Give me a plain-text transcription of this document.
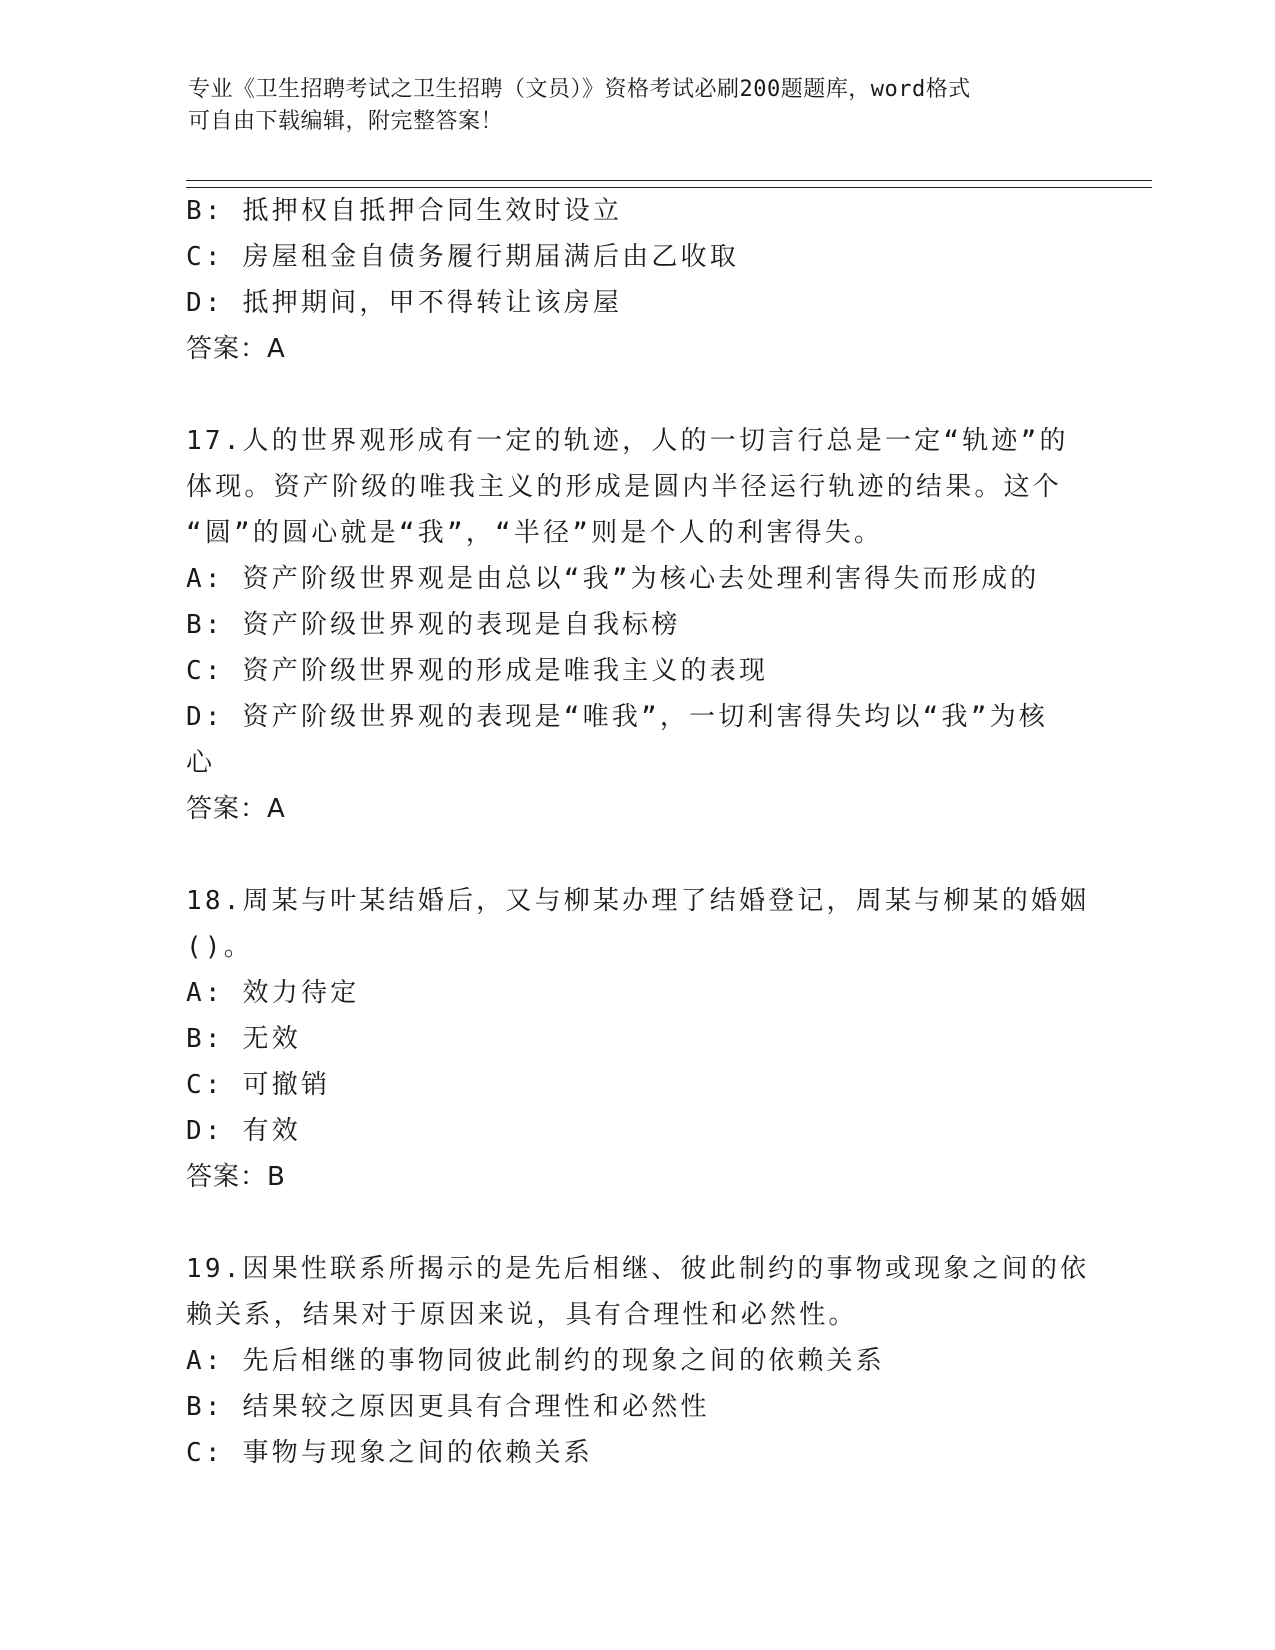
专业《卫生招聘考试之卫生招聘（文员）》资格考试必刷200题题库，word格式
可自由下载编辑，附完整答案！
B: 抵押权自抵押合同生效时设立
C: 房屋租金自债务履行期届满后由乙收取
D: 抵押期间，甲不得转让该房屋
答案：A
17.人的世界观形成有一定的轨迹，人的一切言行总是一定“轨迹”的
体现。资产阶级的唯我主义的形成是圆内半径运行轨迹的结果。这个
“圆”的圆心就是“我”，“半径”则是个人的利害得失。
A: 资产阶级世界观是由总以“我”为核心去处理利害得失而形成的
B: 资产阶级世界观的表现是自我标榜
C: 资产阶级世界观的形成是唯我主义的表现
D: 资产阶级世界观的表现是“唯我”，一切利害得失均以“我”为核
心
答案：A
18.周某与叶某结婚后，又与柳某办理了结婚登记，周某与柳某的婚姻
()。
A: 效力待定
B: 无效
C: 可撤销
D: 有效
答案：B
19.因果性联系所揭示的是先后相继、彼此制约的事物或现象之间的依
赖关系，结果对于原因来说，具有合理性和必然性。
A: 先后相继的事物同彼此制约的现象之间的依赖关系
B: 结果较之原因更具有合理性和必然性
C: 事物与现象之间的依赖关系
